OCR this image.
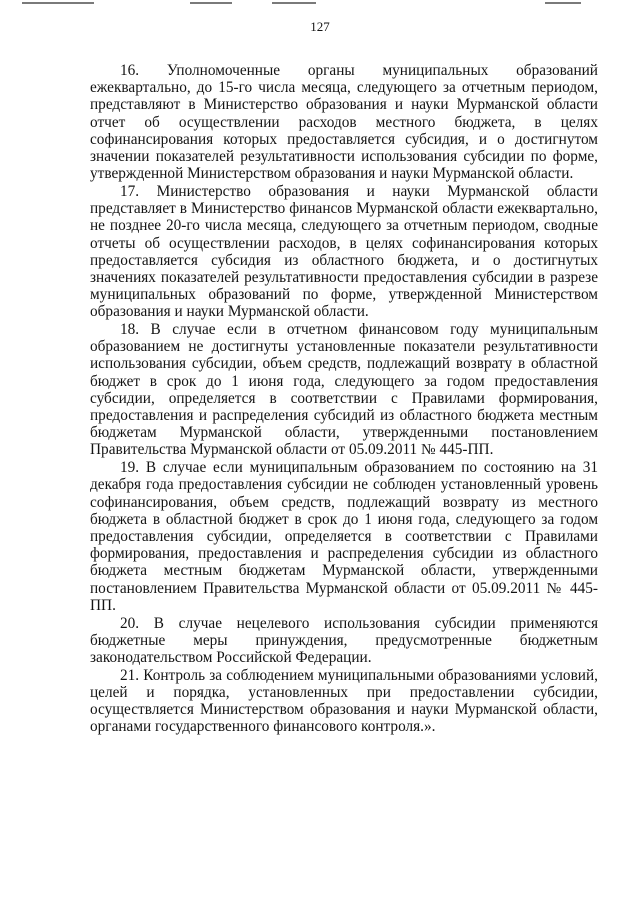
127

16. Уполномоченные органы муниципальных образований ежеквартально, до 15-го числа месяца, следующего за отчетным периодом, представляют в Министерство образования и науки Мурманской области отчет об осуществлении расходов местного бюджета, в целях софинансирования которых предоставляется субсидия, и о достигнутом значении показателей результативности использования субсидии по форме, утвержденной Министерством образования и науки Мурманской области.

17. Министерство образования и науки Мурманской области представляет в Министерство финансов Мурманской области ежеквартально, не позднее 20-го числа месяца, следующего за отчетным периодом, сводные отчеты об осуществлении расходов, в целях софинансирования которых предоставляется субсидия из областного бюджета, и о достигнутых значениях показателей результативности предоставления субсидии в разрезе муниципальных образований по форме, утвержденной Министерством образования и науки Мурманской области.

18. В случае если в отчетном финансовом году муниципальным образованием не достигнуты установленные показатели результативности использования субсидии, объем средств, подлежащий возврату в областной бюджет в срок до 1 июня года, следующего за годом предоставления субсидии, определяется в соответствии с Правилами формирования, предоставления и распределения субсидий из областного бюджета местным бюджетам Мурманской области, утвержденными постановлением Правительства Мурманской области от 05.09.2011 № 445-ПП.

19. В случае если муниципальным образованием по состоянию на 31 декабря года предоставления субсидии не соблюден установленный уровень софинансирования, объем средств, подлежащий возврату из местного бюджета в областной бюджет в срок до 1 июня года, следующего за годом предоставления субсидии, определяется в соответствии с Правилами формирования, предоставления и распределения субсидии из областного бюджета местным бюджетам Мурманской области, утвержденными постановлением Правительства Мурманской области от 05.09.2011 № 445-ПП.

20. В случае нецелевого использования субсидии применяются бюджетные меры принуждения, предусмотренные бюджетным законодательством Российской Федерации.

21. Контроль за соблюдением муниципальными образованиями условий, целей и порядка, установленных при предоставлении субсидии, осуществляется Министерством образования и науки Мурманской области, органами государственного финансового контроля.».
